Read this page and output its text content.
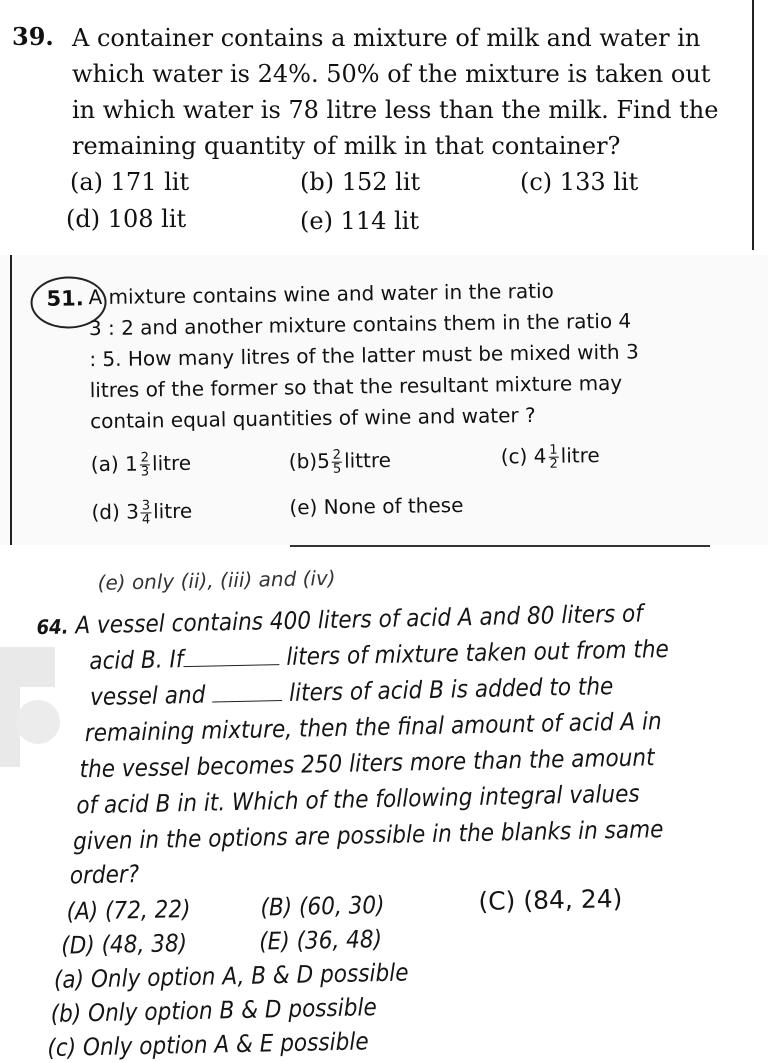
39. A container contains a mixture of milk and water in
which water is 24%. 50% of the mixture is taken out
in which water is 78 litre less than the milk. Find the
remaining quantity of milk in that container?
(a) 171 lit	(b) 152 lit	(c) 133 lit
(d) 108 lit	(e) 114 lit
51. A mixture contains wine and water in the ratio
3 : 2 and another mixture contains them in the ratio 4
: 5. How many litres of the latter must be mixed with 3
litres of the former so that the resultant mixture may
contain equal quantities of wine and water ?
(a) $1 \frac{2}{3}$ litre	$(b)5 \frac{2}{5}$ littre	(c) $4 \frac{1}{2}$ litre
(d) $3 \frac{3}{4}$ litre	(e) None of these
(e) only (ii), (iii) and (iv)
64. A vessel contains 400 liters of acid A and 80 liters of
acid B. If	liters of mixture taken out from the
vessel and	liters of acid B is added to the
remaining mixture, then the final amount of acid A in
the vessel becomes 250 liters more than the amount
of acid B in it. Which of the following integral values
given in the options are possible in the blanks in same
order?
(A) (72, 22)	(B) (60, 30)	(C) (84, 24)
(D) (48, 38)	(E) (36, 48)
(a) Only option A, B & D possible
(b) Only option B & D possible
(c) Only option A & E possible
